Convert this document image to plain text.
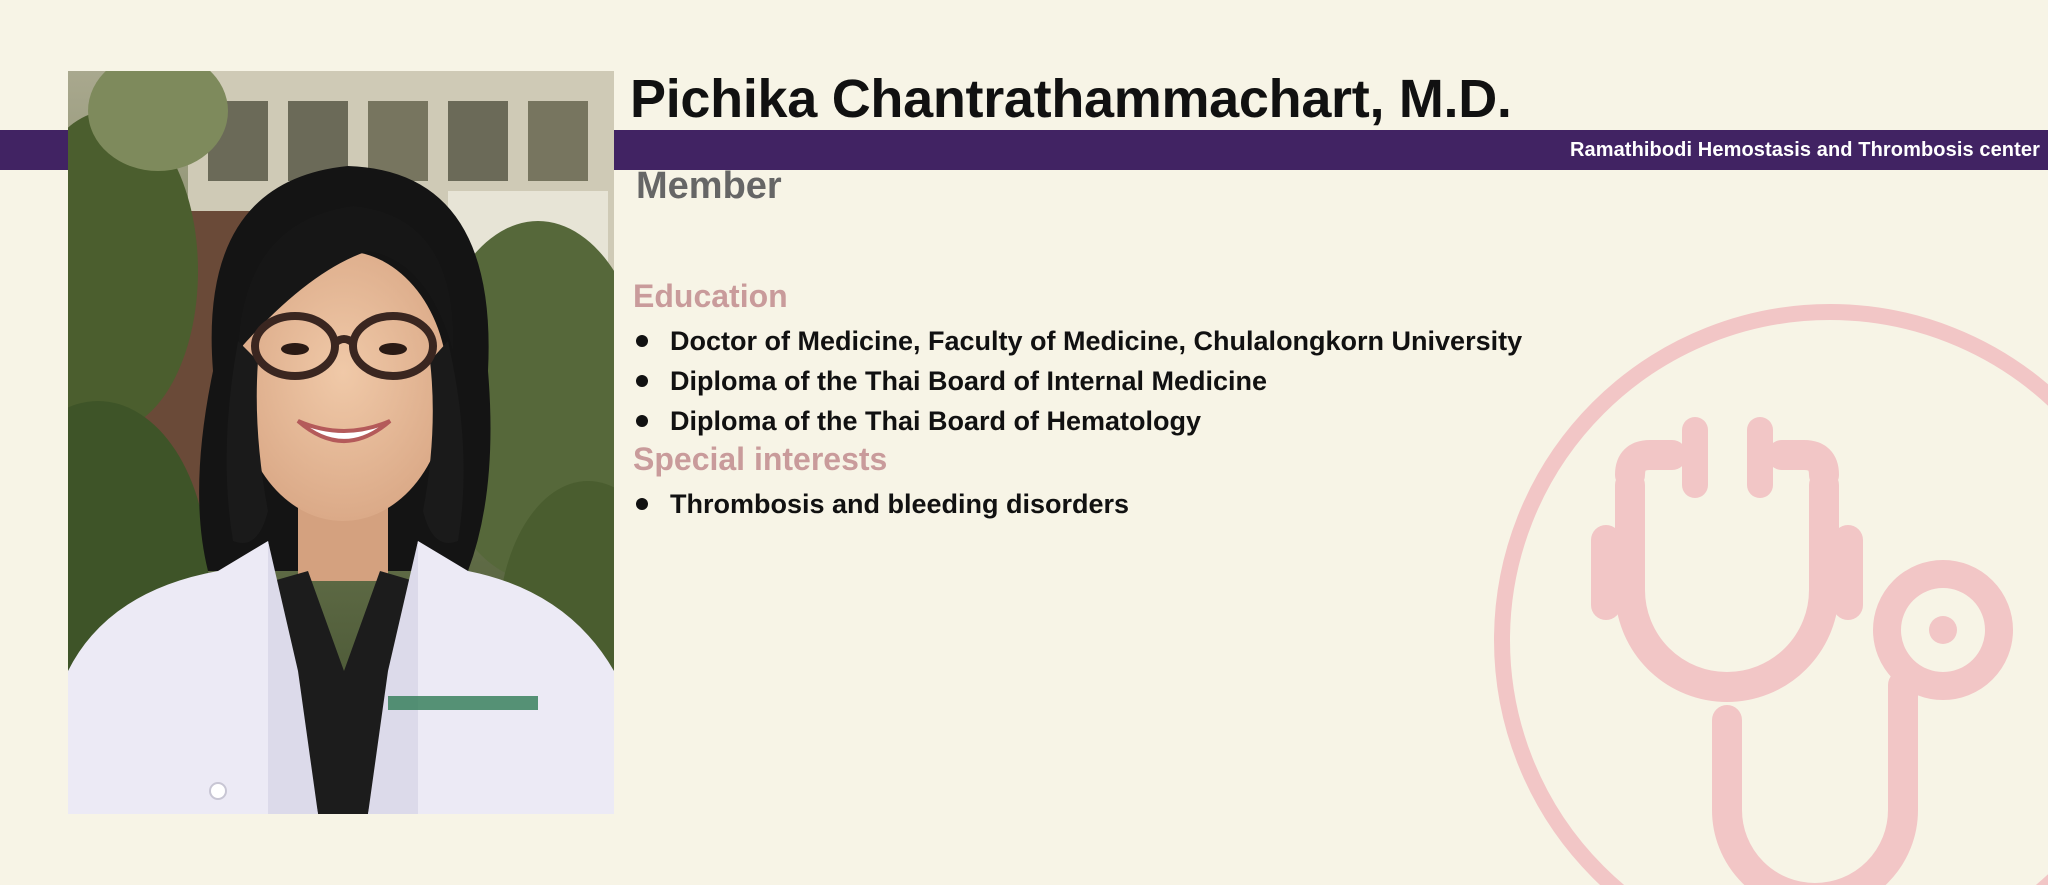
Ramathibodi Hemostasis and Thrombosis center
Pichika Chantrathammachart, M.D.
Member
Education
Doctor of Medicine, Faculty of Medicine, Chulalongkorn University
Diploma of the Thai Board of Internal Medicine
Diploma of the Thai Board of Hematology
Special interests
Thrombosis and bleeding disorders
